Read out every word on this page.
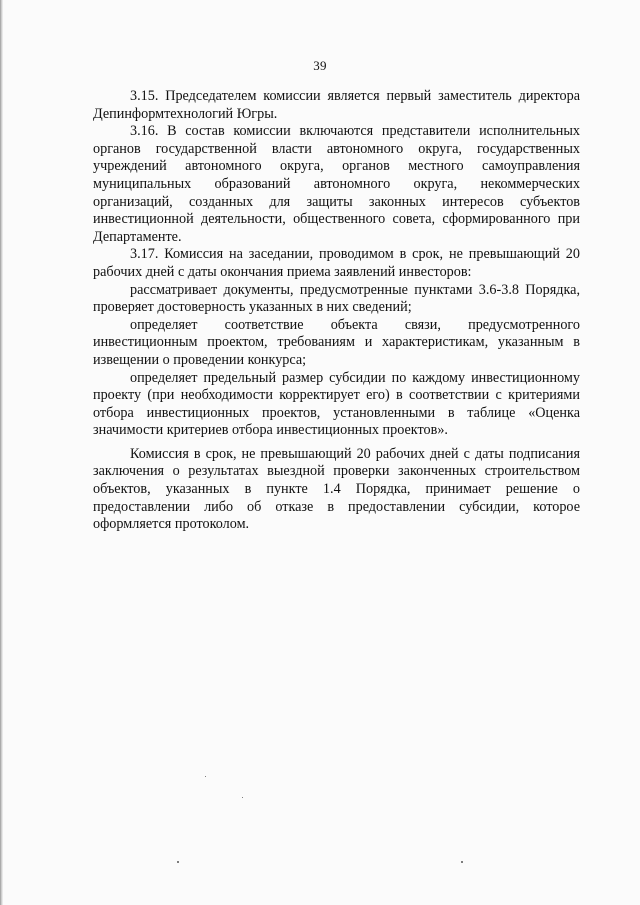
39

3.15. Председателем комиссии является первый заместитель директора Депинформтехнологий Югры.

3.16. В состав комиссии включаются представители исполнительных органов государственной власти автономного округа, государственных учреждений автономного округа, органов местного самоуправления муниципальных образований автономного округа, некоммерческих организаций, созданных для защиты законных интересов субъектов инвестиционной деятельности, общественного совета, сформированного при Департаменте.

3.17. Комиссия на заседании, проводимом в срок, не превышающий 20 рабочих дней с даты окончания приема заявлений инвесторов:

рассматривает документы, предусмотренные пунктами 3.6-3.8 Порядка, проверяет достоверность указанных в них сведений;

определяет соответствие объекта связи, предусмотренного инвестиционным проектом, требованиям и характеристикам, указанным в извещении о проведении конкурса;

определяет предельный размер субсидии по каждому инвестиционному проекту (при необходимости корректирует его) в соответствии с критериями отбора инвестиционных проектов, установленными в таблице «Оценка значимости критериев отбора инвестиционных проектов».

Комиссия в срок, не превышающий 20 рабочих дней с даты подписания заключения о результатах выездной проверки законченных строительством объектов, указанных в пункте 1.4 Порядка, принимает решение о предоставлении либо об отказе в предоставлении субсидии, которое оформляется протоколом.
